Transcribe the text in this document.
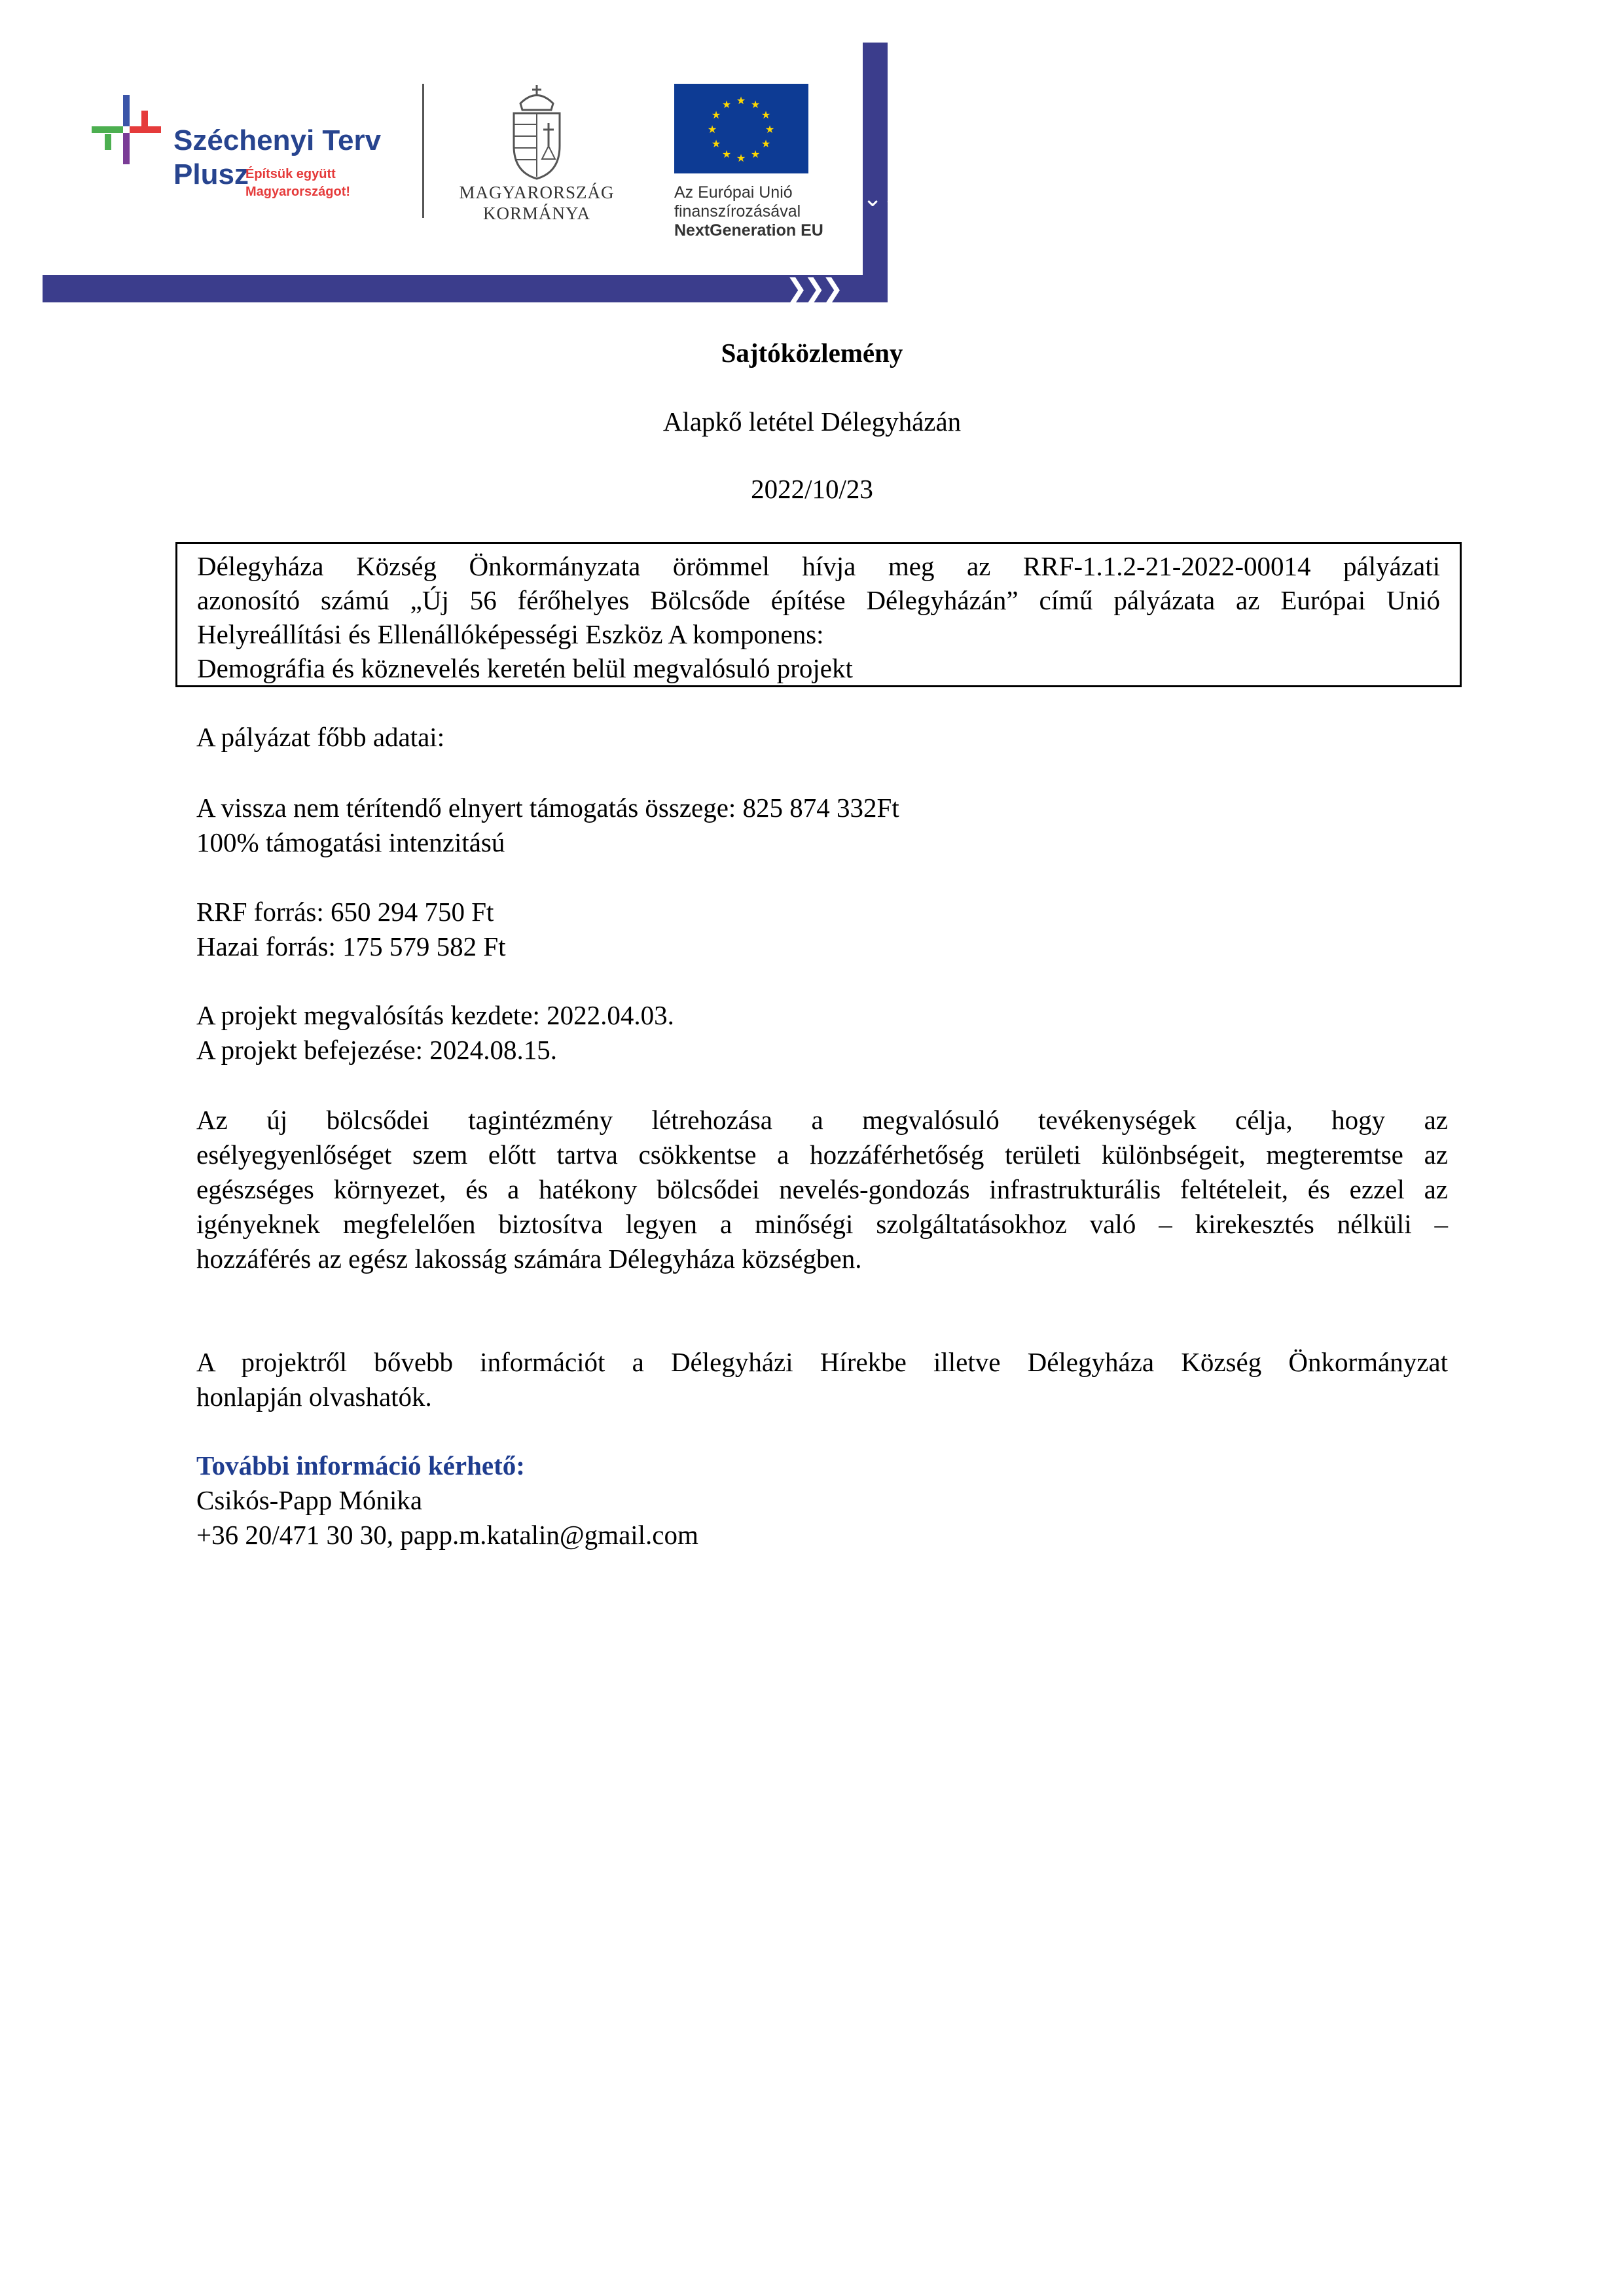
❯❯❯
⌄⌄⌄⌄
Széchenyi Terv
Plusz
Építsük együtt
Magyarországot!	MAGYARORSZÁG
KORMÁNYA
★ ★
★
★
★
★
★
★
★
★
★
★
Az Európai Unió
finanszírozásával
NextGeneration EU
Sajtóközlemény
Alapkő letétel Délegyházán
2022/10/23

Délegyháza Község Önkormányzata örömmel hívja meg az RRF-1.1.2-21-2022-00014 pályázati

azonosító számú „Új 56 férőhelyes Bölcsőde építése Délegyházán” című pályázata az Európai Unió

Helyreállítási és Ellenállóképességi Eszköz A komponens:

Demográfia és köznevelés keretén belül megvalósuló projekt

A pályázat főbb adatai:

A vissza nem térítendő elnyert támogatás összege: 825 874 332Ft

100% támogatási intenzitású

RRF forrás: 650 294 750 Ft

Hazai forrás: 175 579 582 Ft

A projekt megvalósítás kezdete: 2022.04.03.

A projekt befejezése: 2024.08.15.

Az új bölcsődei tagintézmény létrehozása a megvalósuló tevékenységek célja, hogy az

esélyegyenlőséget szem előtt tartva csökkentse a hozzáférhetőség területi különbségeit, megteremtse az

egészséges környezet, és a hatékony bölcsődei nevelés-gondozás infrastrukturális feltételeit, és ezzel az

igényeknek megfelelően biztosítva legyen a minőségi szolgáltatásokhoz való – kirekesztés nélküli –

hozzáférés az egész lakosság számára Délegyháza községben.

A projektről bővebb információt a Délegyházi Hírekbe illetve Délegyháza Község Önkormányzat

honlapján olvashatók.

További információ kérhető:

Csikós-Papp Mónika

+36 20/471 30 30, papp.m.katalin@gmail.com
